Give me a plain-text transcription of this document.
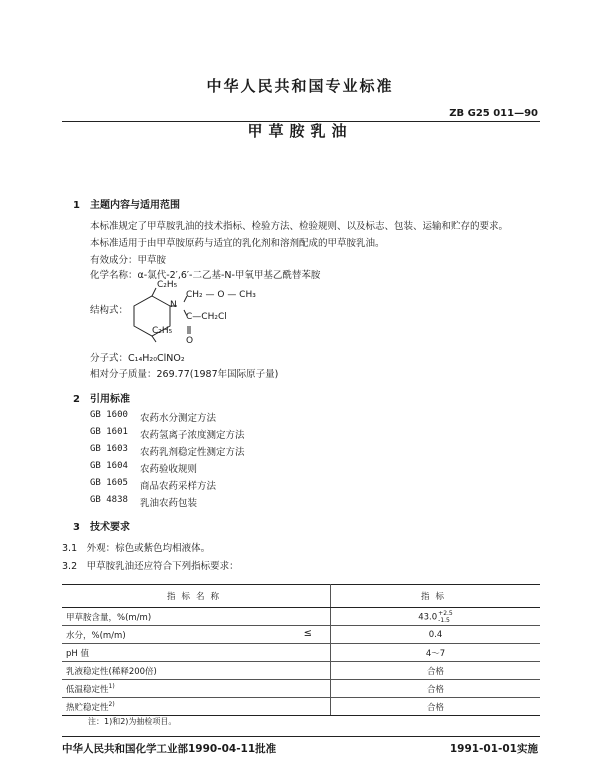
中华人民共和国专业标准
ZB G25 011—90
甲草胺乳油
1　主题内容与适用范围
本标准规定了甲草胺乳油的技术指标、检验方法、检验规则、以及标志、包装、运输和贮存的要求。
本标准适用于由甲草胺原药与适宜的乳化剂和溶剂配成的甲草胺乳油。
有效成分：甲草胺
化学名称：α-氯代-2′,6′-二乙基-N-甲氧甲基乙酰替苯胺
结构式：
C₂H₅
N
CH₂ — O — CH₃
C—CH₂Cl
O
C₂H₅
分子式：C₁₄H₂₀ClNO₂
相对分子质量：269.77(1987年国际原子量)
2　引用标准
GB 1600 农药水分测定方法
GB 1601 农药氢离子浓度测定方法
GB 1603 农药乳剂稳定性测定方法
GB 1604 农药验收规则
GB 1605 商品农药采样方法
GB 4838 乳油农药包装
3　技术要求
3.1　外观：棕色或紫色均相液体。
3.2　甲草胺乳油还应符合下列指标要求：
指标名称	指标
甲草胺含量，%(m/m)	43.0 +2.5
-1.5

水分，%(m/m) ≤	0.4
pH 值	4～7
乳液稳定性(稀释200倍)	合格
低温稳定性$^{1)}$	合格
热贮稳定性$^{2)}$	合格
注：1)和2)为抽检项目。
中华人民共和国化学工业部1990-04-11批准	1991-01-01实施
